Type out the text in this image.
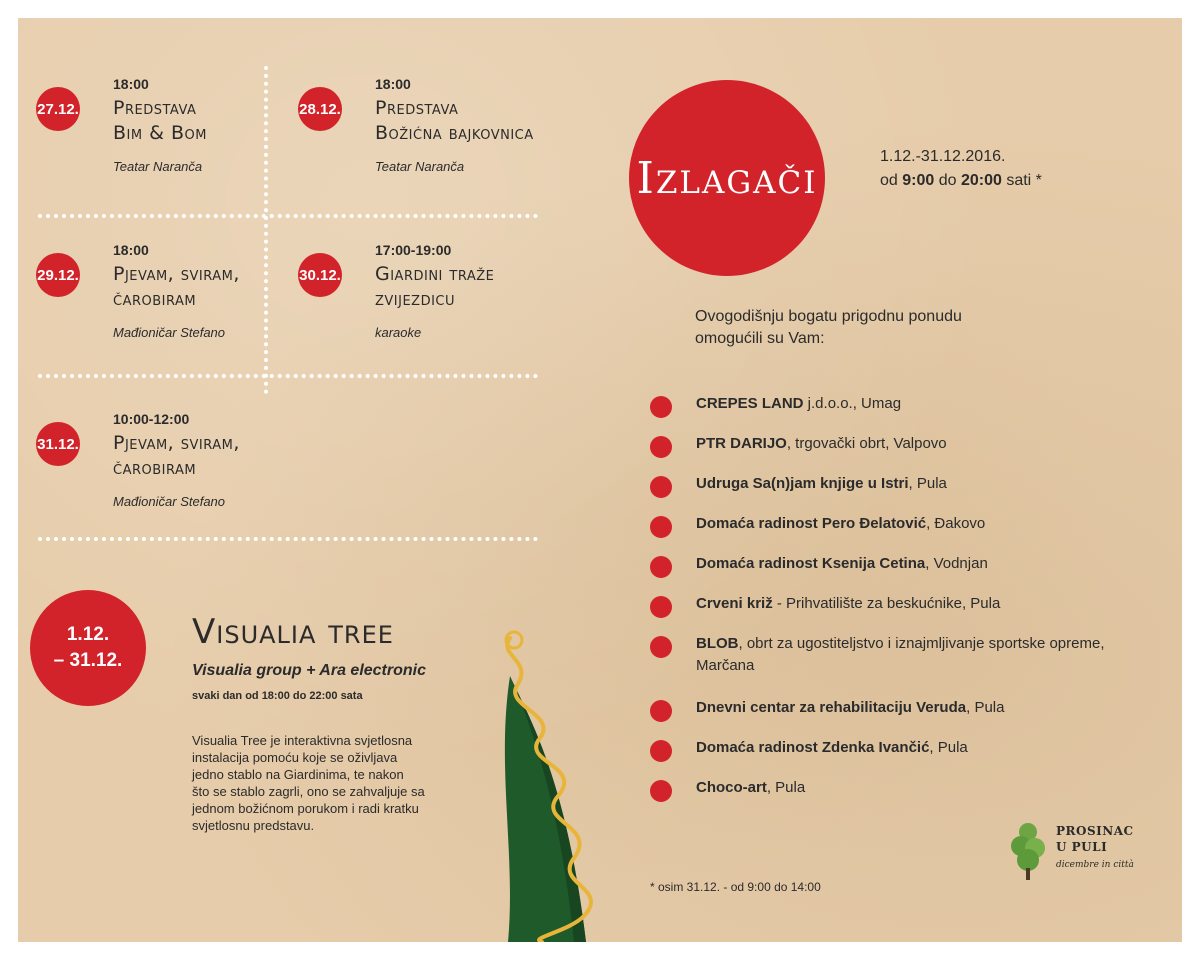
27.12.
18:00
Predstava
Bim & Bom
Teatar Naranča
28.12.
18:00
Predstava
Božićna bajkovnica
Teatar Naranča
29.12.
18:00
Pjevam, sviram,
čarobiram
Mađioničar Stefano
30.12.
17:00-19:00
Giardini traže
zvijezdicu
karaoke
31.12.
10:00-12:00
Pjevam, sviram,
čarobiram
Mađioničar Stefano
1.12.
– 31.12.
Visualia tree
Visualia group + Ara electronic
svaki dan od 18:00 do 22:00 sata
Visualia Tree je interaktivna svjetlosna
instalacija pomoću koje se oživljava
jedno stablo na Giardinima, te nakon
što se stablo zagrli, ono se zahvaljuje sa
jednom božićnom porukom i radi kratku
svjetlosnu predstavu.
Izlagači	1.12.-31.12.2016.
od 9:00 do 20:00 sati *
Ovogodišnju bogatu prigodnu ponudu
omogućili su Vam:
CREPES LAND j.d.o.o., Umag
PTR DARIJO, trgovački obrt, Valpovo
Udruga Sa(n)jam knjige u Istri, Pula
Domaća radinost Pero Đelatović, Đakovo
Domaća radinost Ksenija Cetina, Vodnjan
Crveni križ - Prihvatilište za beskućnike, Pula
BLOB, obrt za ugostiteljstvo i iznajmljivanje sportske opreme, Marčana
Dnevni centar za rehabilitaciju Veruda, Pula
Domaća radinost Zdenka Ivančić, Pula
Choco-art, Pula
* osim 31.12. - od 9:00 do 14:00
PROSINAC
U PULI
dicembre in città
